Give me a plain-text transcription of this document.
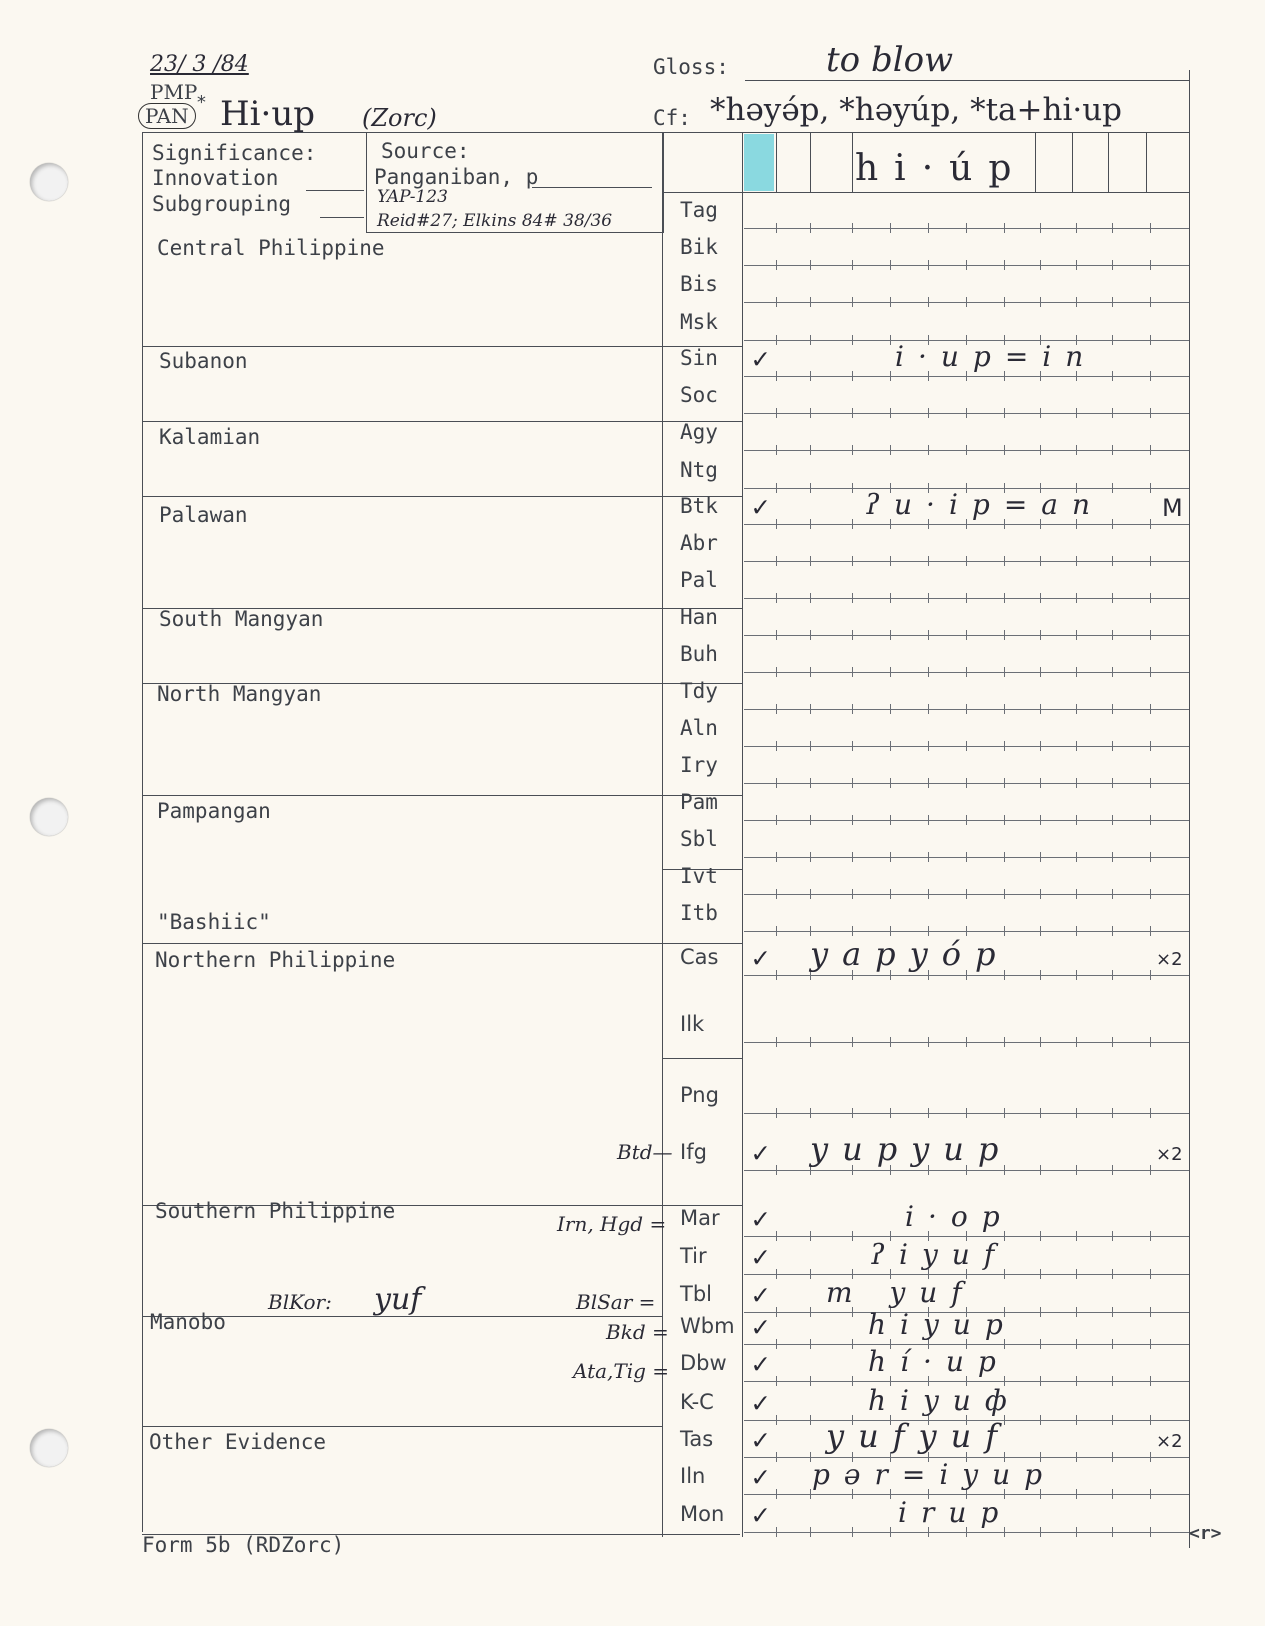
23/ 3 /84
PMP
*
PAN Hi·up (Zorc)
Gloss:	to blow
Cf: *həyə́p, *həyúp, *ta+hi·up
Significance:
Innovation
Subgrouping
Source:
Panganiban, p
YAP-123
Reid#27; Elkins 84# 38/36
hi·úp
Central Philippine
Subanon
Kalamian
Palawan
South Mangyan
North Mangyan
Pampangan
"Bashiic"
Northern Philippine
Southern Philippine
Manobo
Other Evidence
Btd—
Irn, Hgd =
BlKor: yuf	BlSar =
Bkd =
Ata,Tig =
Tag
Bik
Bis
Msk
Sin	✓	i·up=in
Soc
Agy
Ntg
Btk	✓	ʔu·ip=an M
Abr
Pal
Han
Buh
Tdy
Aln
Iry
Pam
Sbl
Ivt
Itb
Cas	✓ yapyóp	×2
Ilk
Png
Ifg	✓ yupyup	×2
Mar	✓	i·op
Tir	✓	ʔiyuf
Tbl	✓ m yuf
Wbm ✓	hiyup
Dbw ✓	hí·up
K-C	✓	hiyuф
Tas	✓ yufyuf	×2
Iln	✓ pər=iyup
Mon ✓	irup
Form 5b (RDZorc)	<r>
